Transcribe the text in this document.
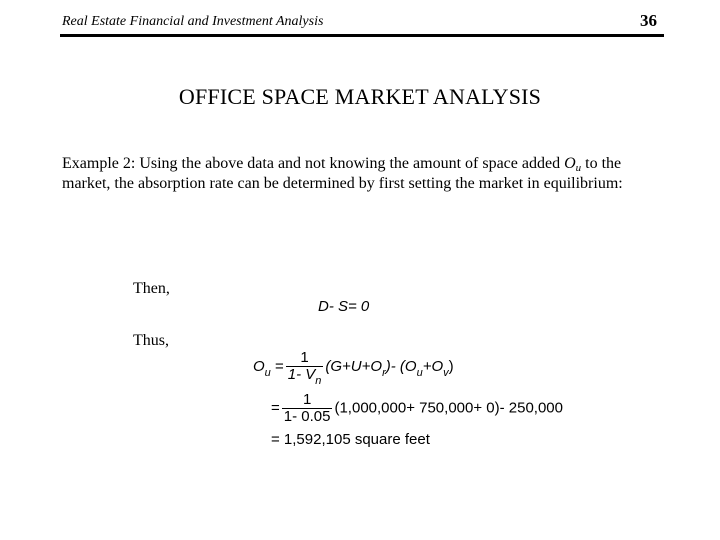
Real Estate Financial and Investment Analysis	36
OFFICE SPACE MARKET ANALYSIS
Example 2: Using the above data and not knowing the amount of space added $O_u$ to the market, the absorption rate can be determined by first setting the market in equilibrium:
Then,
D- S= 0
Thus,
$O_u = \frac{1}{1- V_n} (G+U+O_r)-$ $(O_u+O_v)$
= $\frac{1}{1- 0.05} (1,000,000+ 750,000+ 0)-$ 250,000
= 1,592,105 square feet
